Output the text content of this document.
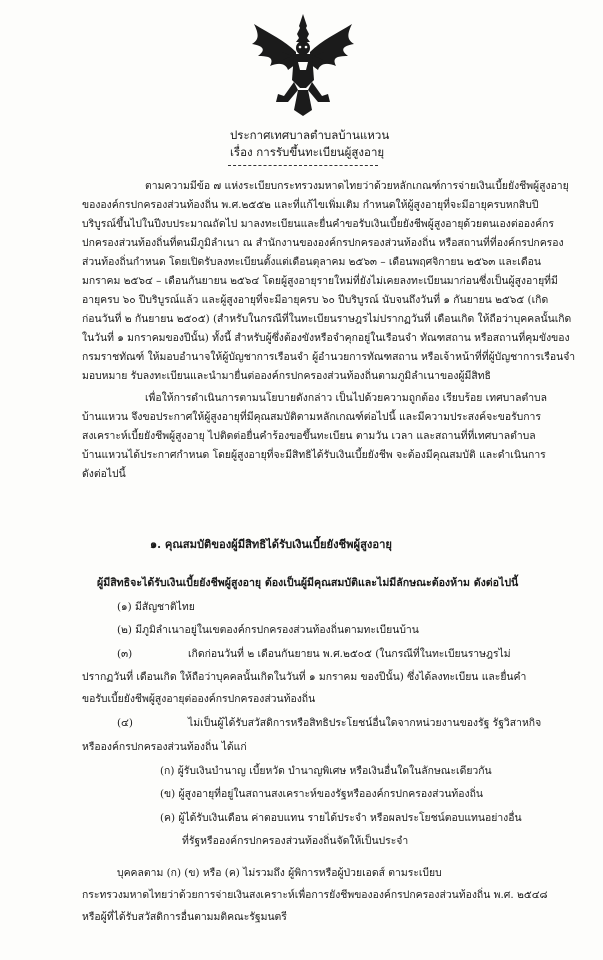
ประกาศเทศบาลตำบลบ้านแหวน
เรื่อง การรับขึ้นทะเบียนผู้สูงอายุ
ตามความมีข้อ ๗ แห่งระเบียบกระทรวงมหาดไทยว่าด้วยหลักเกณฑ์การจ่ายเงินเบี้ยยังชีพผู้สูงอายุ
ขององค์กรปกครองส่วนท้องถิ่น พ.ศ.๒๕๕๒ และที่แก้ไขเพิ่มเติม กำหนดให้ผู้สูงอายุที่จะมีอายุครบหกสิบปี
บริบูรณ์ขึ้นไปในปีงบประมาณถัดไป มาลงทะเบียนและยื่นคำขอรับเงินเบี้ยยังชีพผู้สูงอายุด้วยตนเองต่อองค์กร
ปกครองส่วนท้องถิ่นที่ตนมีภูมิลำเนา ณ สำนักงานขององค์กรปกครองส่วนท้องถิ่น หรือสถานที่ที่องค์กรปกครอง
ส่วนท้องถิ่นกำหนด โดยเปิดรับลงทะเบียนตั้งแต่เดือนตุลาคม ๒๕๖๓ – เดือนพฤศจิกายน ๒๕๖๓ และเดือน
มกราคม ๒๕๖๔ – เดือนกันยายน ๒๕๖๔ โดยผู้สูงอายุรายใหม่ที่ยังไม่เคยลงทะเบียนมาก่อนซึ่งเป็นผู้สูงอายุที่มี
อายุครบ ๖๐ ปีบริบูรณ์แล้ว และผู้สูงอายุที่จะมีอายุครบ ๖๐ ปีบริบูรณ์ นับจนถึงวันที่ ๑ กันยายน ๒๕๖๕ (เกิด
ก่อนวันที่ ๒ กันยายน ๒๕๐๕) (สำหรับในกรณีที่ในทะเบียนราษฎรไม่ปรากฏวันที่ เดือนเกิด ให้ถือว่าบุคคลนั้นเกิด
ในวันที่ ๑ มกราคมของปีนั้น) ทั้งนี้ สำหรับผู้ซึ่งต้องขังหรือจำคุกอยู่ในเรือนจำ ทัณฑสถาน หรือสถานที่คุมขังของ
กรมราชทัณฑ์ ให้มอบอำนาจให้ผู้บัญชาการเรือนจำ ผู้อำนวยการทัณฑสถาน หรือเจ้าหน้าที่ที่ผู้บัญชาการเรือนจำ
มอบหมาย รับลงทะเบียนและนำมายื่นต่อองค์กรปกครองส่วนท้องถิ่นตามภูมิลำเนาของผู้มีสิทธิ
เพื่อให้การดำเนินการตามนโยบายดังกล่าว เป็นไปด้วยความถูกต้อง เรียบร้อย เทศบาลตำบล
บ้านแหวน จึงขอประกาศให้ผู้สูงอายุที่มีคุณสมบัติตามหลักเกณฑ์ต่อไปนี้ และมีความประสงค์จะขอรับการ
สงเคราะห์เบี้ยยังชีพผู้สูงอายุ ไปติดต่อยื่นคำร้องขอขึ้นทะเบียน ตามวัน เวลา และสถานที่ที่เทศบาลตำบล
บ้านแหวนได้ประกาศกำหนด โดยผู้สูงอายุที่จะมีสิทธิได้รับเงินเบี้ยยังชีพ จะต้องมีคุณสมบัติ และดำเนินการ
ดังต่อไปนี้
๑. คุณสมบัติของผู้มีสิทธิได้รับเงินเบี้ยยังชีพผู้สูงอายุ
ผู้มีสิทธิจะได้รับเงินเบี้ยยังชีพผู้สูงอายุ ต้องเป็นผู้มีคุณสมบัติและไม่มีลักษณะต้องห้าม ดังต่อไปนี้
(๑) มีสัญชาติไทย
(๒) มีภูมิลำเนาอยู่ในเขตองค์กรปกครองส่วนท้องถิ่นตามทะเบียนบ้าน
(๓)	เกิดก่อนวันที่ ๒ เดือนกันยายน พ.ศ.๒๕๐๕ (ในกรณีที่ในทะเบียนราษฎรไม่
ปรากฏวันที่ เดือนเกิด ให้ถือว่าบุคคลนั้นเกิดในวันที่ ๑ มกราคม ของปีนั้น) ซึ่งได้ลงทะเบียน และยื่นคำ
ขอรับเบี้ยยังชีพผู้สูงอายุต่อองค์กรปกครองส่วนท้องถิ่น
(๔)	ไม่เป็นผู้ได้รับสวัสดิการหรือสิทธิประโยชน์อื่นใดจากหน่วยงานของรัฐ รัฐวิสาหกิจ
หรือองค์กรปกครองส่วนท้องถิ่น ได้แก่
(ก) ผู้รับเงินบำนาญ เบี้ยหวัด บำนาญพิเศษ หรือเงินอื่นใดในลักษณะเดียวกัน
(ข) ผู้สูงอายุที่อยู่ในสถานสงเคราะห์ของรัฐหรือองค์กรปกครองส่วนท้องถิ่น
(ค) ผู้ได้รับเงินเดือน ค่าตอบแทน รายได้ประจำ หรือผลประโยชน์ตอบแทนอย่างอื่น
ที่รัฐหรือองค์กรปกครองส่วนท้องถิ่นจัดให้เป็นประจำ
บุคคลตาม (ก) (ข) หรือ (ค) ไม่รวมถึง ผู้พิการหรือผู้ป่วยเอดส์ ตามระเบียบ
กระทรวงมหาดไทยว่าด้วยการจ่ายเงินสงเคราะห์เพื่อการยังชีพขององค์กรปกครองส่วนท้องถิ่น พ.ศ. ๒๕๔๘
หรือผู้ที่ได้รับสวัสดิการอื่นตามมติคณะรัฐมนตรี
